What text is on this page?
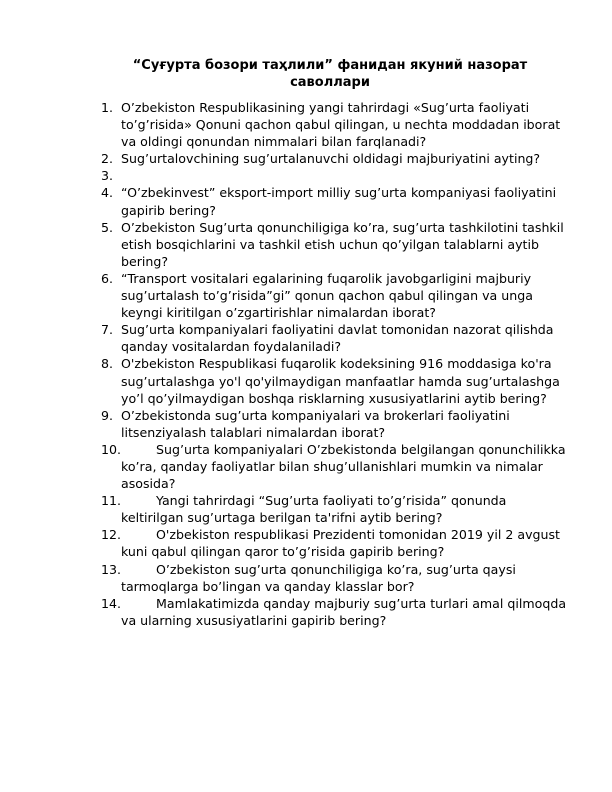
“Суғурта бозори таҳлили” фанидан якуний назорат саволлари
1. O’zbekiston Respublikasining yangi tahrirdagi «Sug’urta faoliyati to’g’risida» Qonuni qachon qabul qilingan, u nechta moddadan iborat va oldingi qonundan nimmalari bilan farqlanadi?
2. Sug’urtalovchining sug’urtalanuvchi oldidagi majburiyatini ayting?
3.

4. “O’zbekinvest” eksport-import milliy sug’urta kompaniyasi faoliyatini gapirib bering?
5. O’zbekiston Sug’urta qonunchiligiga ko’ra, sug’urta tashkilotini tashkil etish bosqichlarini va tashkil etish uchun qo’yilgan talablarni aytib bering?
6. “Transport vositalari egalarining fuqarolik javobgarligini majburiy sug’urtalash to’g’risida”gi” qonun qachon qabul qilingan va unga keyngi kiritilgan o’zgartirishlar nimalardan iborat?
7. Sug’urta kompaniyalari faoliyatini davlat tomonidan nazorat qilishda qanday vositalardan foydalaniladi?
8. O'zbekiston Respublikasi fuqarolik kodeksining 916 moddasiga ko'ra sug’urtalashga yo'l qo'yilmaydigan manfaatlar hamda sug’urtalashga yo’l qo’yilmaydigan boshqa risklarning xususiyatlarini aytib bering?
9. O’zbekistonda sug’urta kompaniyalari va brokerlari faoliyatini litsenziyalash talablari nimalardan iborat?
10.	Sug’urta kompaniyalari O’zbekistonda belgilangan qonunchilikka ko’ra, qanday faoliyatlar bilan shug’ullanishlari mumkin va nimalar asosida?
11.	Yangi tahrirdagi “Sug’urta faoliyati to’g’risida” qonunda keltirilgan sug’urtaga berilgan ta'rifni aytib bering?
12.	O'zbekiston respublikasi Prezidenti tomonidan 2019 yil 2 avgust kuni qabul qilingan qaror to’g’risida gapirib bering?
13.	O’zbekiston sug’urta qonunchiligiga ko’ra, sug’urta qaysi tarmoqlarga bo’lingan va qanday klasslar bor?
14.	Mamlakatimizda qanday majburiy sug’urta turlari amal qilmoqda va ularning xususiyatlarini gapirib bering?
